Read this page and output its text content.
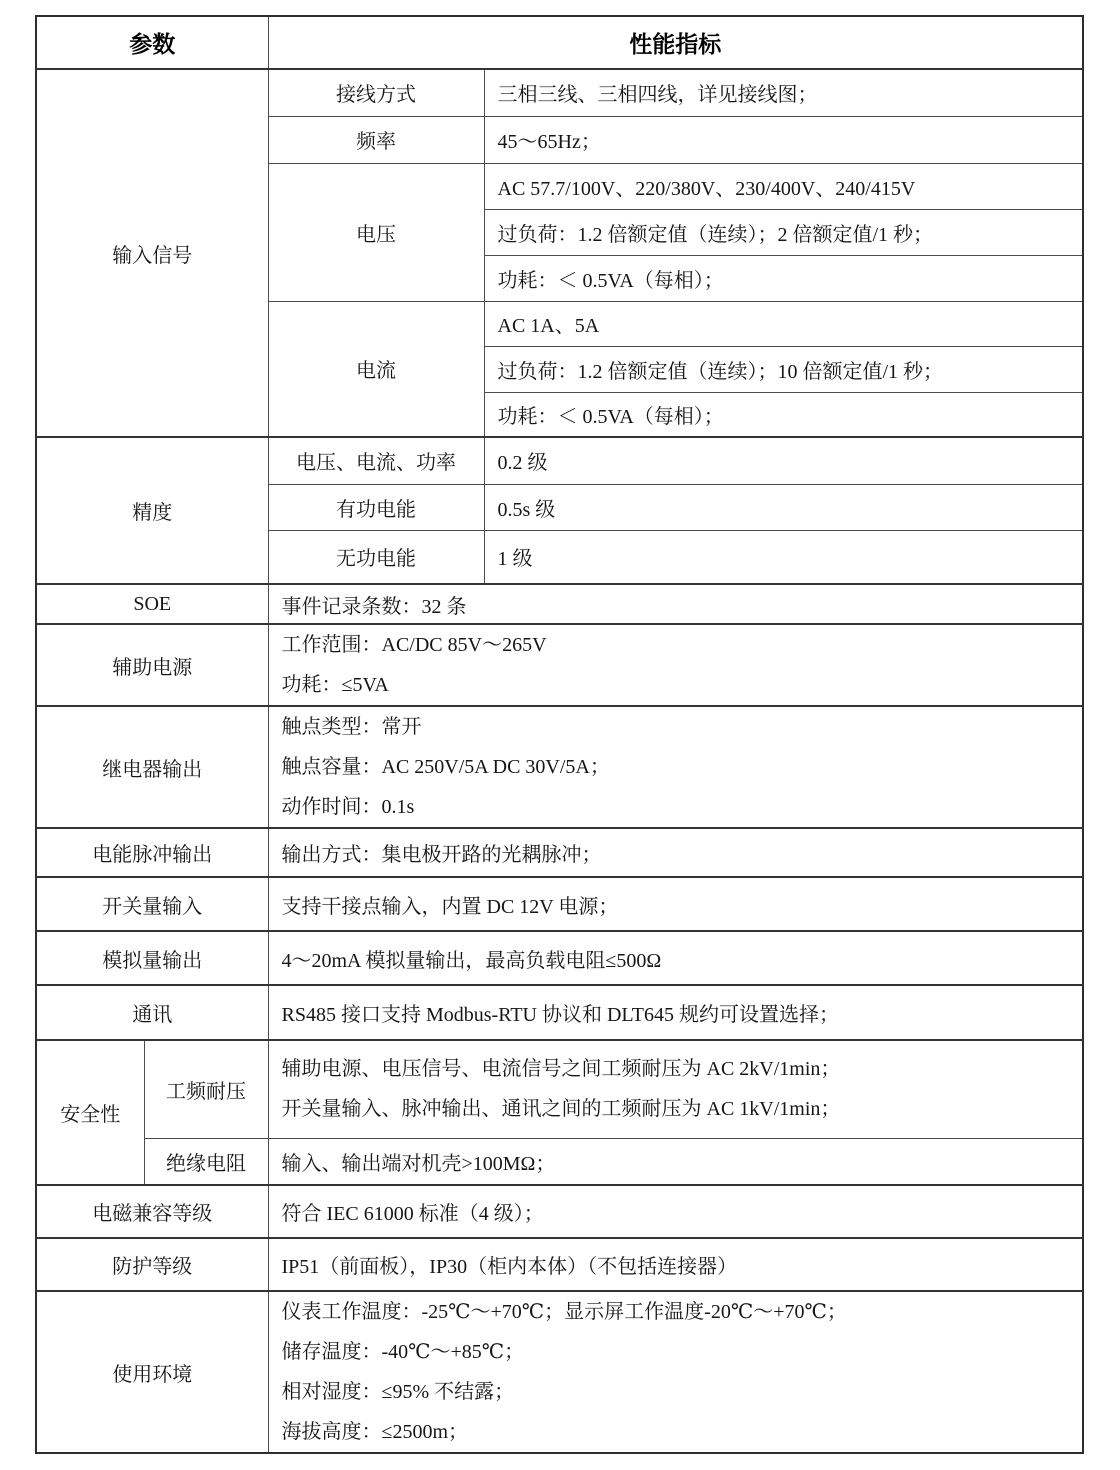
参数		性能指标	
输入信号		接线方式	三相三线、三相四线，详见接线图；
		频率	45～65Hz；
		电压	AC 57.7/100V、220/380V、230/400V、240/415V
			过负荷：1.2 倍额定值（连续）；2 倍额定值/1 秒；
			功耗：＜ 0.5VA（每相）；
		电流	AC 1A、5A
			过负荷：1.2 倍额定值（连续）；10 倍额定值/1 秒；
			功耗：＜ 0.5VA（每相）；
精度		电压、电流、功率	0.2 级
		有功电能	0.5s 级
		无功电能	1 级
SOE		事件记录条数：32 条	
辅助电源		工作范围：AC/DC 85V～265V
功耗：≤5VA	

继电器输出		触点类型：常开
触点容量：AC 250V/5A DC 30V/5A；
动作时间：0.1s	

电能脉冲输出		输出方式：集电极开路的光耦脉冲；	
开关量输入		支持干接点输入，内置 DC 12V 电源；	
模拟量输出		4～20mA 模拟量输出，最高负载电阻≤500Ω	
通讯		RS485 接口支持 Modbus-RTU 协议和 DLT645 规约可设置选择；	
安全性	工频耐压	辅助电源、电压信号、电流信号之间工频耐压为 AC 2kV/1min；
开关量输入、脉冲输出、通讯之间的工频耐压为 AC 1kV/1min；	

	绝缘电阻	输入、输出端对机壳>100MΩ；	
电磁兼容等级		符合 IEC 61000 标准（4 级）；	
防护等级		IP51（前面板），IP30（柜内本体）（不包括连接器）	
使用环境		仪表工作温度：-25℃～+70℃；显示屏工作温度-20℃～+70℃；
储存温度：-40℃～+85℃；
相对湿度：≤95% 不结露；
海拔高度：≤2500m；	
